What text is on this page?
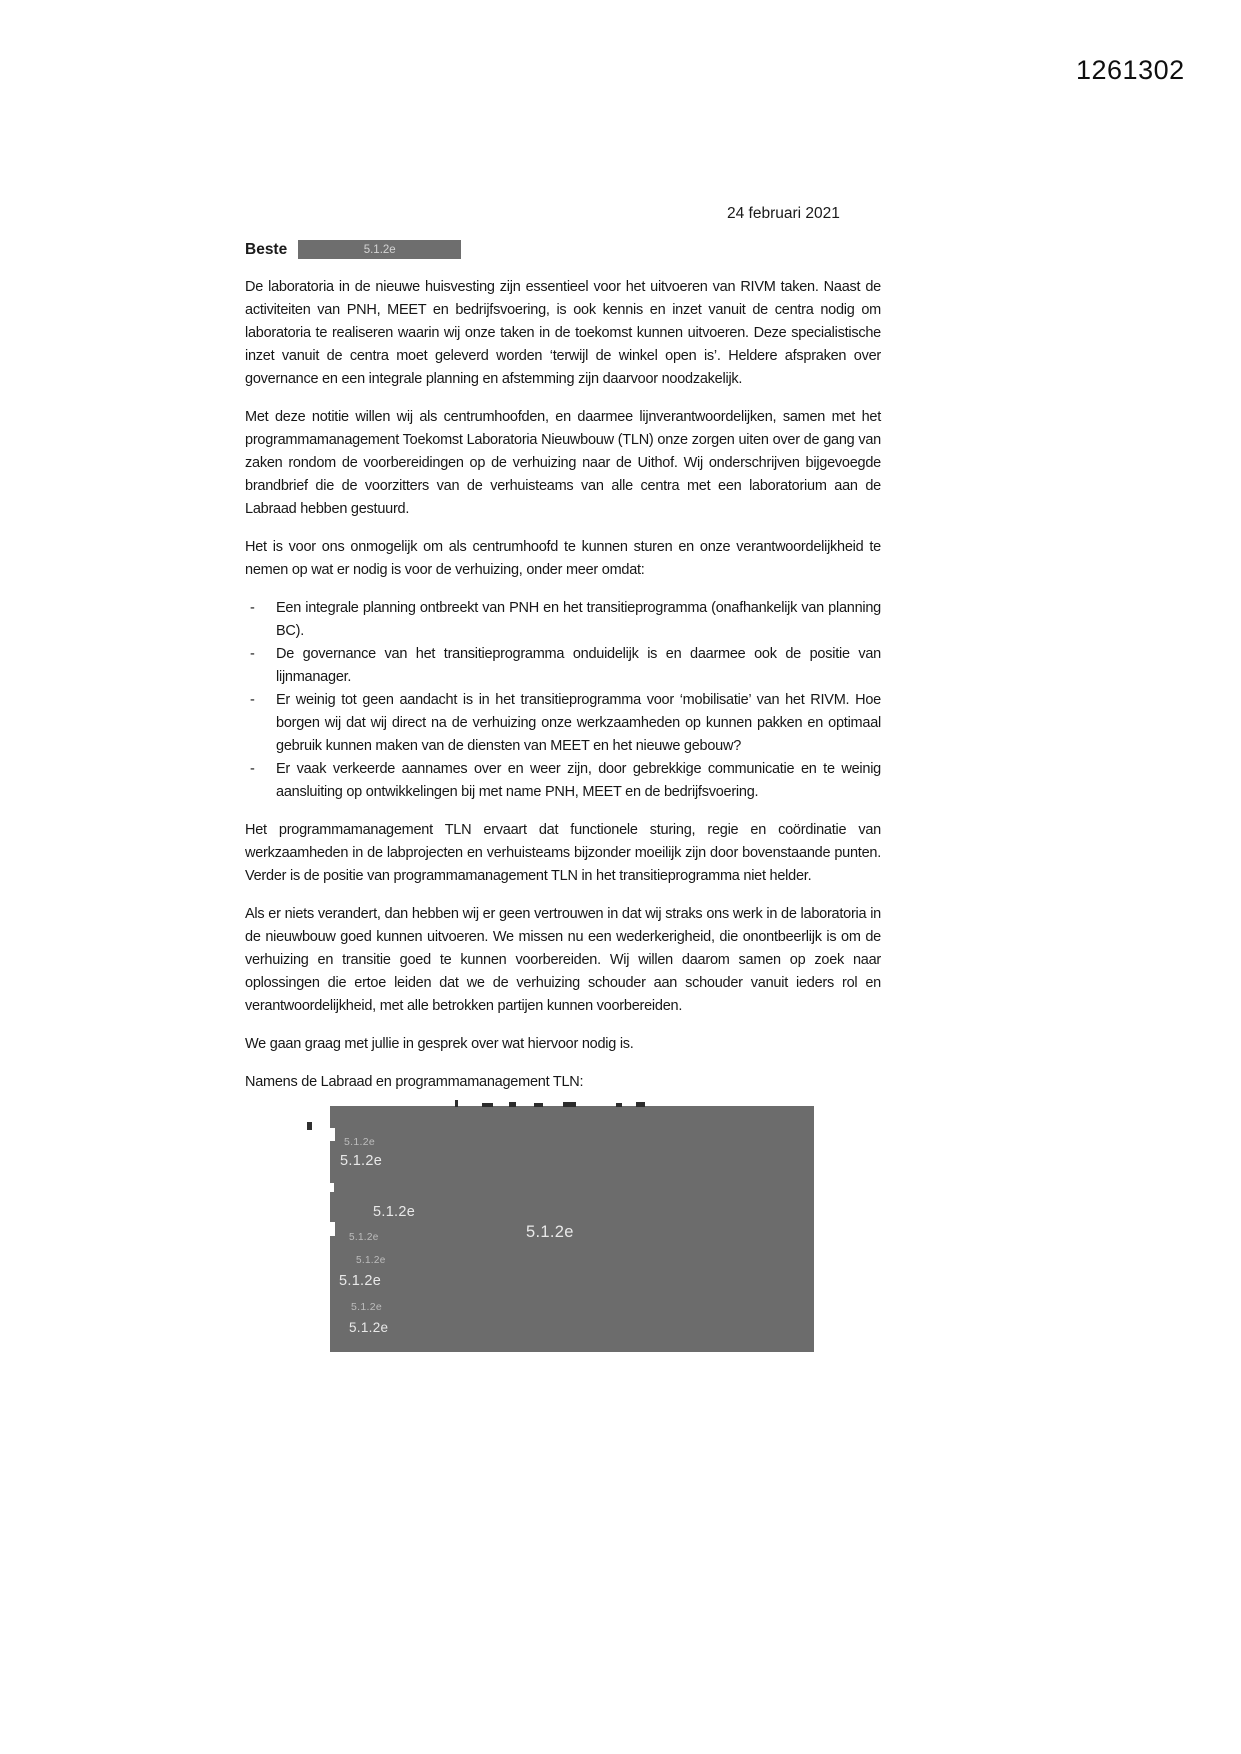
1261302
24 februari 2021
Beste	5.1.2e

De laboratoria in de nieuwe huisvesting zijn essentieel voor het uitvoeren van RIVM taken. Naast de activiteiten van PNH, MEET en bedrijfsvoering, is ook kennis en inzet vanuit de centra nodig om laboratoria te realiseren waarin wij onze taken in de toekomst kunnen uitvoeren. Deze specialistische inzet vanuit de centra moet geleverd worden ‘terwijl de winkel open is’. Heldere afspraken over governance en een integrale planning en afstemming zijn daarvoor noodzakelijk.

Met deze notitie willen wij als centrumhoofden, en daarmee lijnverantwoordelijken, samen met het programmamanagement Toekomst Laboratoria Nieuwbouw (TLN) onze zorgen uiten over de gang van zaken rondom de voorbereidingen op de verhuizing naar de Uithof. Wij onderschrijven bijgevoegde brandbrief die de voorzitters van de verhuisteams van alle centra met een laboratorium aan de Labraad hebben gestuurd.

Het is voor ons onmogelijk om als centrumhoofd te kunnen sturen en onze verantwoordelijkheid te nemen op wat er nodig is voor de verhuizing, onder meer omdat:

-	Een integrale planning ontbreekt van PNH en het transitieprogramma (onafhankelijk van planning BC).
-	De governance van het transitieprogramma onduidelijk is en daarmee ook de positie van lijnmanager.
-	Er weinig tot geen aandacht is in het transitieprogramma voor ‘mobilisatie’ van het RIVM. Hoe borgen wij dat wij direct na de verhuizing onze werkzaamheden op kunnen pakken en optimaal gebruik kunnen maken van de diensten van MEET en het nieuwe gebouw?
-	Er vaak verkeerde aannames over en weer zijn, door gebrekkige communicatie en te weinig aansluiting op ontwikkelingen bij met name PNH, MEET en de bedrijfsvoering.

Het programmamanagement TLN ervaart dat functionele sturing, regie en coördinatie van werkzaamheden in de labprojecten en verhuisteams bijzonder moeilijk zijn door bovenstaande punten. Verder is de positie van programmamanagement TLN in het transitieprogramma niet helder.

Als er niets verandert, dan hebben wij er geen vertrouwen in dat wij straks ons werk in de laboratoria in de nieuwbouw goed kunnen uitvoeren. We missen nu een wederkerigheid, die onontbeerlijk is om de verhuizing en transitie goed te kunnen voorbereiden. Wij willen daarom samen op zoek naar oplossingen die ertoe leiden dat we de verhuizing schouder aan schouder vanuit ieders rol en verantwoordelijkheid, met alle betrokken partijen kunnen voorbereiden.

We gaan graag met jullie in gesprek over wat hiervoor nodig is.

Namens de Labraad en programmamanagement TLN:

5.1.2e
5.1.2e
5.1.2e
5.1.2e	5.1.2e
5.1.2e
5.1.2e
5.1.2e
5.1.2e
